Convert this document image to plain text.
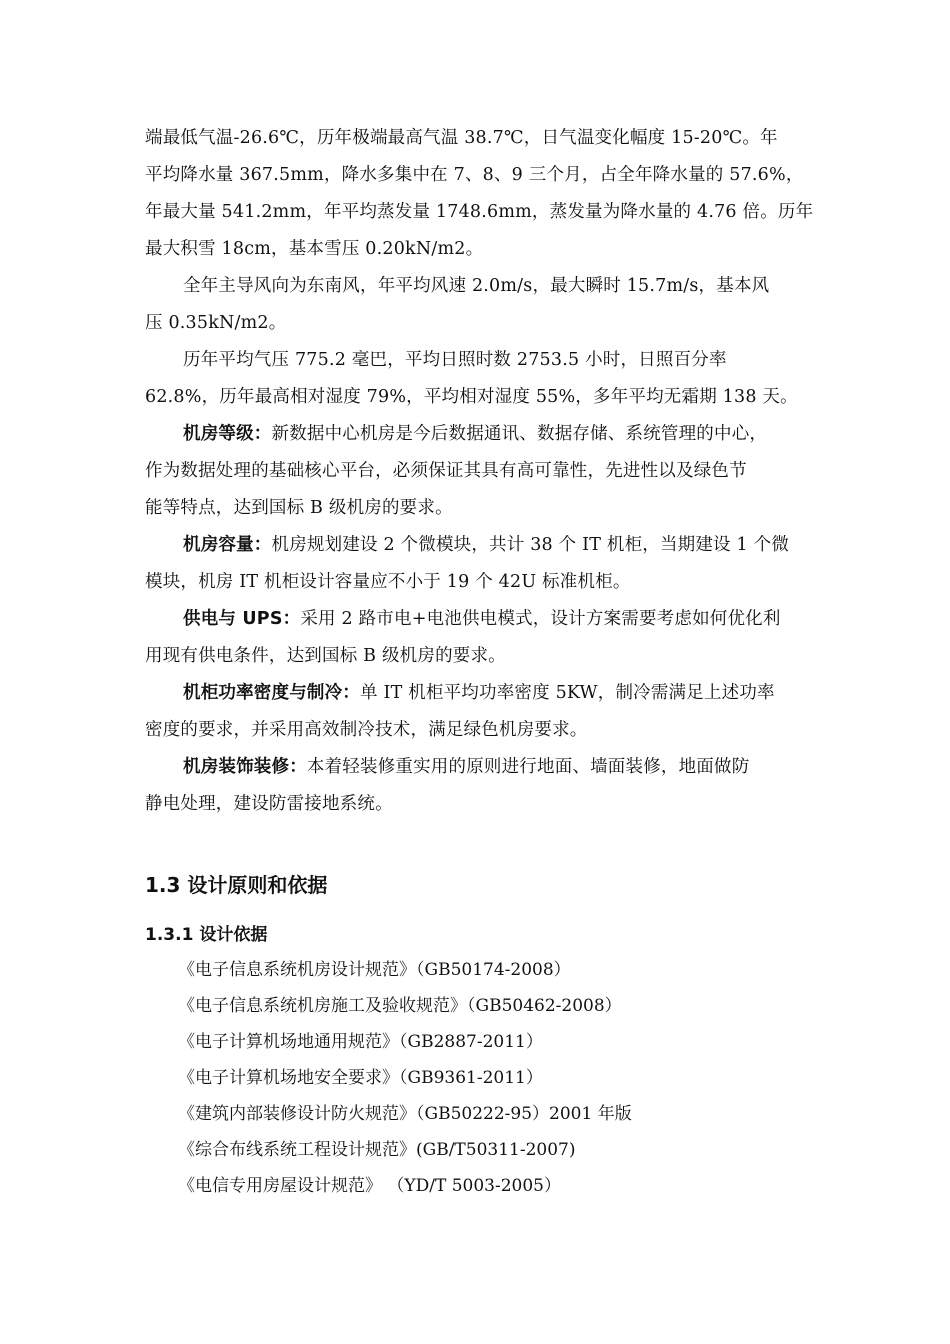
端最低气温-26.6℃，历年极端最高气温 38.7℃，日气温变化幅度 15-20℃。年
平均降水量 367.5mm，降水多集中在 7、8、9 三个月，占全年降水量的 57.6%，
年最大量 541.2mm，年平均蒸发量 1748.6mm，蒸发量为降水量的 4.76 倍。历年
最大积雪 18cm，基本雪压 0.20kN/m2。
全年主导风向为东南风，年平均风速 2.0m/s，最大瞬时 15.7m/s，基本风
压 0.35kN/m2。
历年平均气压 775.2 毫巴，平均日照时数 2753.5 小时，日照百分率
62.8%，历年最高相对湿度 79%，平均相对湿度 55%，多年平均无霜期 138 天。
机房等级：新数据中心机房是今后数据通讯、数据存储、系统管理的中心，
作为数据处理的基础核心平台，必须保证其具有高可靠性，先进性以及绿色节
能等特点，达到国标 B 级机房的要求。
机房容量：机房规划建设 2 个微模块，共计 38 个 IT 机柜，当期建设 1 个微
模块，机房 IT 机柜设计容量应不小于 19 个 42U 标准机柜。
供电与 UPS：采用 2 路市电+电池供电模式，设计方案需要考虑如何优化利
用现有供电条件，达到国标 B 级机房的要求。
机柜功率密度与制冷：单 IT 机柜平均功率密度 5KW，制冷需满足上述功率
密度的要求，并采用高效制冷技术，满足绿色机房要求。
机房装饰装修：本着轻装修重实用的原则进行地面、墙面装修，地面做防
静电处理，建设防雷接地系统。
1.3 设计原则和依据
1.3.1 设计依据
《电子信息系统机房设计规范》（GB50174-2008）
《电子信息系统机房施工及验收规范》（GB50462-2008）
《电子计算机场地通用规范》（GB2887-2011）
《电子计算机场地安全要求》（GB9361-2011）
《建筑内部装修设计防火规范》（GB50222-95）2001 年版
《综合布线系统工程设计规范》(GB/T50311-2007)
《电信专用房屋设计规范》 （YD/T 5003-2005）
